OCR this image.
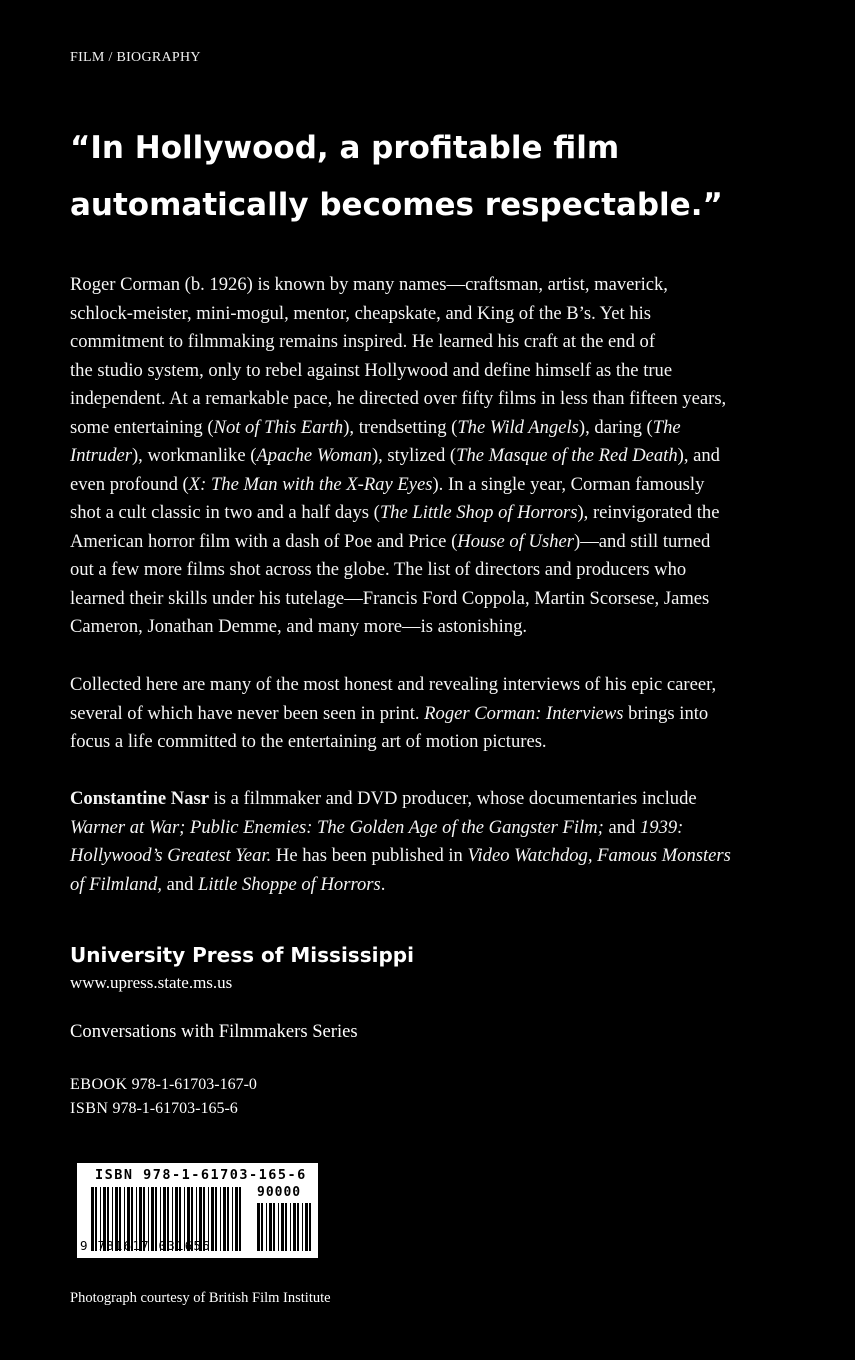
FILM / BIOGRAPHY
“In Hollywood, a profitable film
automatically becomes respectable.”
Roger Corman (b. 1926) is known by many names—craftsman, artist, maverick,
schlock-meister, mini-mogul, mentor, cheapskate, and King of the B’s. Yet his
commitment to filmmaking remains inspired. He learned his craft at the end of
the studio system, only to rebel against Hollywood and define himself as the true
independent. At a remarkable pace, he directed over fifty films in less than fifteen years,
some entertaining (Not of This Earth), trendsetting (The Wild Angels), daring (The
Intruder), workmanlike (Apache Woman), stylized (The Masque of the Red Death), and
even profound (X: The Man with the X-Ray Eyes). In a single year, Corman famously
shot a cult classic in two and a half days (The Little Shop of Horrors), reinvigorated the
American horror film with a dash of Poe and Price (House of Usher)—and still turned
out a few more films shot across the globe. The list of directors and producers who
learned their skills under his tutelage—Francis Ford Coppola, Martin Scorsese, James
Cameron, Jonathan Demme, and many more—is astonishing.
Collected here are many of the most honest and revealing interviews of his epic career,
several of which have never been seen in print. Roger Corman: Interviews brings into
focus a life committed to the entertaining art of motion pictures.
Constantine Nasr is a filmmaker and DVD producer, whose documentaries include
Warner at War; Public Enemies: The Golden Age of the Gangster Film; and 1939:
Hollywood’s Greatest Year. He has been published in Video Watchdog, Famous Monsters
of Filmland, and Little Shoppe of Horrors.
University Press of Mississippi
www.upress.state.ms.us
Conversations with Filmmakers Series
EBOOK 978-1-61703-167-0
ISBN 978-1-61703-165-6
ISBN 978-1-61703-165-6
90000
9 781617 031656
Photograph courtesy of British Film Institute
